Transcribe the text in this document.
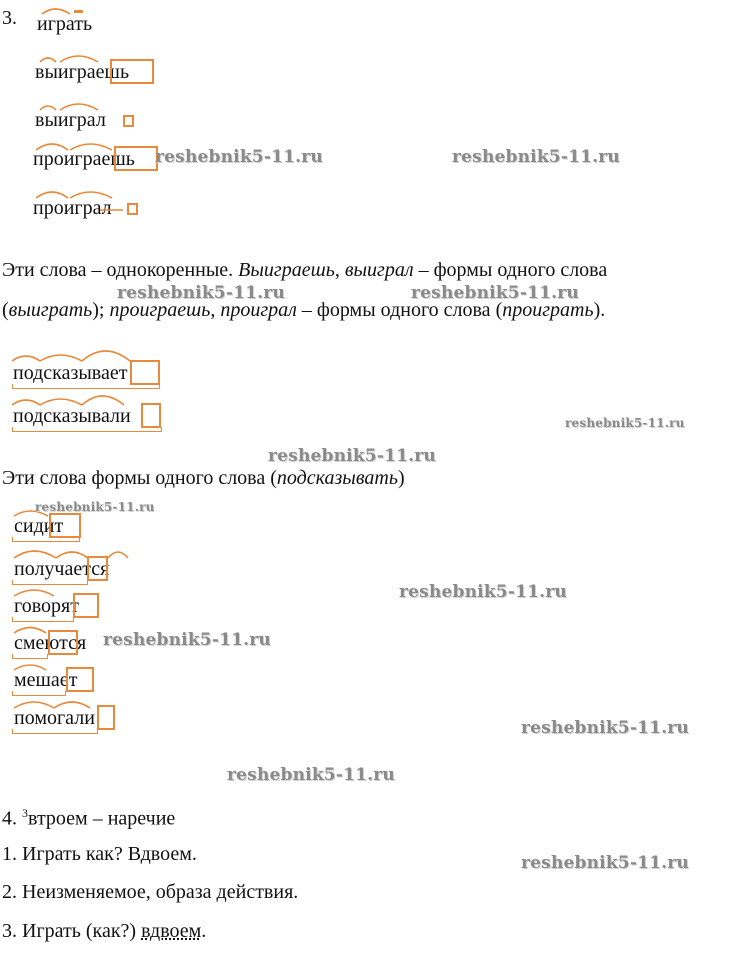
3. играть
выиграешь
выиграл
проиграешь
проиграл
Эти слова – однокоренные. Выиграешь, выиграл – формы одного слова
(выиграть); проиграешь, проиграл – формы одного слова (проиграть).
подсказывает
подсказывали
Эти слова формы одного слова (подсказывать)
сидит
получается
говорят
смеются
мешает
помогали
4. $^3$втроем – наречие
1. Играть как? Вдвоем.
2. Неизменяемое, образа действия.
3. Играть (как?) вдвоем.
reshebnik5-11.ru	reshebnik5-11.ru
reshebnik5-11.ru	reshebnik5-11.ru
reshebnik5-11.ru
reshebnik5-11.ru
reshebnik5-11.ru
reshebnik5-11.ru
reshebnik5-11.ru
reshebnik5-11.ru
reshebnik5-11.ru
reshebnik5-11.ru
